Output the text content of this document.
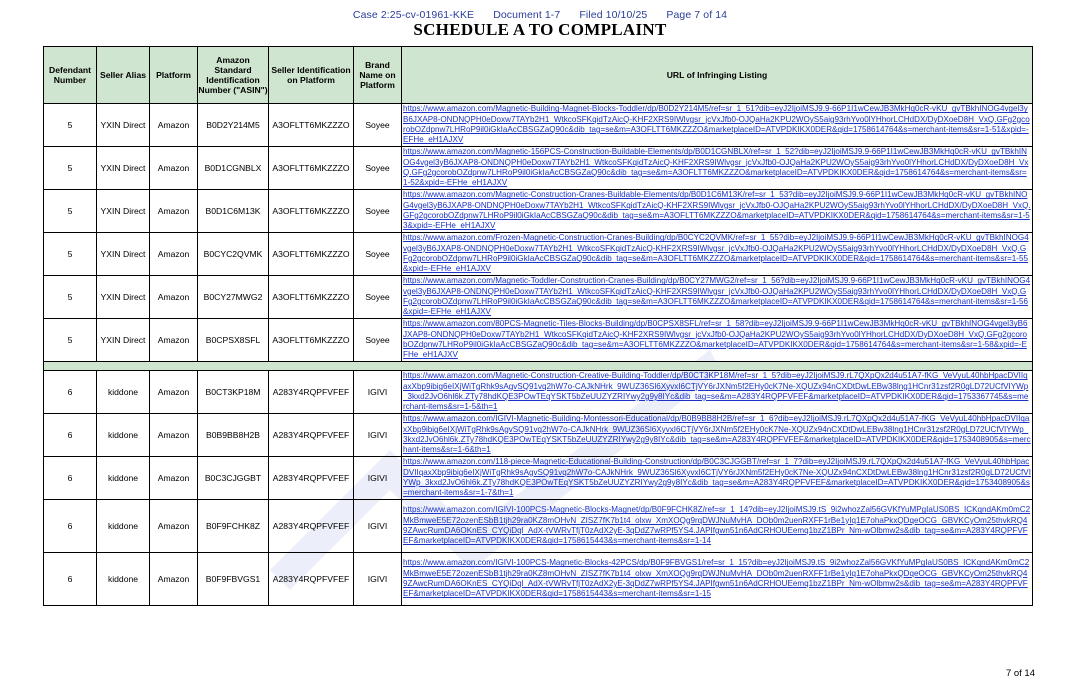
Case 2:25-cv-01961-KKE Document 1-7 Filed 10/10/25 Page 7 of 14
SCHEDULE A TO COMPLAINT
Defendant Number	Seller Alias	Platform	Amazon Standard Identification Number ("ASIN")	Seller Identification on Platform	Brand Name on Platform	URL of Infringing Listing
5	YXIN Direct	Amazon	B0D2Y214M5	A3OFLTT6MKZZZO	Soyee	https://www.amazon.com/Magnetic-Building-Magnet-Blocks-Toddler/dp/B0D2Y214M5/ref=sr_1_51?dib=eyJ2IjoiMSJ9.9-66P1I1wCewJB3MkHq0cR-vKU_gvTBkhINOG4vgel3yB6JXAP8-ONDNQPH0eDoxw7TAYb2H1_WtkcoSFKqidTzAicQ-KHF2XRS9IWlvgsr_jcVxJfb0-OJQaHa2KPU2WOyS5aig93rhYvo0lYHhorLCHdDX/DyDXoeD8H_VxQ.GFg2gcorobOZdpnw7LHRoP9il0iGkIaAcCBSGZaQ90c&dib_tag=se&m=A3OFLTT6MKZZZO&marketplaceID=ATVPDKIKX0DER&qid=1758614764&s=merchant-items&sr=1-51&xpid=-EFHe_eH1AJXV
5	YXIN Direct	Amazon	B0D1CGNBLX	A3OFLTT6MKZZZO	Soyee	https://www.amazon.com/Magnetic-156PCS-Construction-Buildable-Elements/dp/B0D1CGNBLX/ref=sr_1_52?dib=eyJ2IjoiMSJ9.9-66P1I1wCewJB3MkHq0cR-vKU_gvTBkhINOG4vgel3yB6JXAP8-ONDNQPH0eDoxw7TAYb2H1_WtkcoSFKqidTzAicQ-KHF2XRS9IWlvgsr_jcVxJfb0-OJQaHa2KPU2WOyS5aig93rhYvo0lYHhorLCHdDX/DyDXoeD8H_VxQ.GFg2gcorobOZdpnw7LHRoP9il0iGkIaAcCBSGZaQ90c&dib_tag=se&m=A3OFLTT6MKZZZO&marketplaceID=ATVPDKIKX0DER&qid=1758614764&s=merchant-items&sr=1-52&xpid=-EFHe_eH1AJXV
5	YXIN Direct	Amazon	B0D1C6M13K	A3OFLTT6MKZZZO	Soyee	https://www.amazon.com/Magnetic-Construction-Cranes-Buildable-Elements/dp/B0D1C6M13K/ref=sr_1_53?dib=eyJ2IjoiMSJ9.9-66P1I1wCewJB3MkHq0cR-vKU_gvTBkhINOG4vgel3yB6JXAP8-ONDNQPH0eDoxw7TAYb2H1_WtkcoSFKqidTzAicQ-KHF2XRS9IWlvgsr_jcVxJfb0-OJQaHa2KPU2WOyS5aig93rhYvo0lYHhorLCHdDX/DyDXoeD8H_VxQ.GFg2gcorobOZdpnw7LHRoP9il0iGkIaAcCBSGZaQ90c&dib_tag=se&m=A3OFLTT6MKZZZO&marketplaceID=ATVPDKIKX0DER&qid=1758614764&s=merchant-items&sr=1-53&xpid=-EFHe_eH1AJXV
5	YXIN Direct	Amazon	B0CYC2QVMK	A3OFLTT6MKZZZO	Soyee	https://www.amazon.com/Frozen-Magnetic-Construction-Cranes-Building/dp/B0CYC2QVMK/ref=sr_1_55?dib=eyJ2IjoiMSJ9.9-66P1I1wCewJB3MkHq0cR-vKU_gvTBkhINOG4vgel3yB6JXAP8-ONDNQPH0eDoxw7TAYb2H1_WtkcoSFKqidTzAicQ-KHF2XRS9IWlvgsr_jcVxJfb0-OJQaHa2KPU2WOyS5aig93rhYvo0lYHhorLCHdDX/DyDXoeD8H_VxQ.GFg2gcorobOZdpnw7LHRoP9il0iGkIaAcCBSGZaQ90c&dib_tag=se&m=A3OFLTT6MKZZZO&marketplaceID=ATVPDKIKX0DER&qid=1758614764&s=merchant-items&sr=1-55&xpid=-EFHe_eH1AJXV
5	YXIN Direct	Amazon	B0CY27MWG2	A3OFLTT6MKZZZO	Soyee	https://www.amazon.com/Magnetic-Toddler-Construction-Cranes-Building/dp/B0CY27MWG2/ref=sr_1_56?dib=eyJ2IjoiMSJ9.9-66P1I1wCewJB3MkHq0cR-vKU_gvTBkhINOG4vgel3yB6JXAP8-ONDNQPH0eDoxw7TAYb2H1_WtkcoSFKqidTzAicQ-KHF2XRS9IWlvgsr_jcVxJfb0-OJQaHa2KPU2WOyS5aig93rhYvo0lYHhorLCHdDX/DyDXoeD8H_VxQ.GFg2gcorobOZdpnw7LHRoP9il0iGkIaAcCBSGZaQ90c&dib_tag=se&m=A3OFLTT6MKZZZO&marketplaceID=ATVPDKIKX0DER&qid=1758614764&s=merchant-items&sr=1-56&xpid=-EFHe_eH1AJXV
5	YXIN Direct	Amazon	B0CPSX8SFL	A3OFLTT6MKZZZO	Soyee	https://www.amazon.com/80PCS-Magnetic-Tiles-Blocks-Building/dp/B0CPSX8SFL/ref=sr_1_58?dib=eyJ2IjoiMSJ9.9-66P1I1wCewJB3MkHq0cR-vKU_gvTBkhINOG4vgel3yB6JXAP8-ONDNQPH0eDoxw7TAYb2H1_WtkcoSFKqidTzAicQ-KHF2XRS9IWlvgsr_jcVxJfb0-OJQaHa2KPU2WOyS5aig93rhYvo0lYHhorLCHdDX/DyDXoeD8H_VxQ.GFg2gcorobOZdpnw7LHRoP9il0iGkIaAcCBSGZaQ90c&dib_tag=se&m=A3OFLTT6MKZZZO&marketplaceID=ATVPDKIKX0DER&qid=1758614764&s=merchant-items&sr=1-58&xpid=-EFHe_eH1AJXV

6	kiddone	Amazon	B0CT3KP18M	A283Y4RQPFVFEF	IGIVI	https://www.amazon.com/Magnetic-Construction-Creative-Building-Toddler/dp/B0CT3KP18M/ref=sr_1_5?dib=eyJ2IjoiMSJ9.rL7QXpQx2d4u51A7-fKG_VeVyuL40hbHpacDVIIqaxXbp9ibig6eIXjWiTgRhk9sAgvSQ91vq2hW7o-CAJkNHrk_9WUZ36Sl6XyvxI6CTjVY6rJXNm5f2EHy0cK7Ne-XQUZx94nCXDtDwLEBw38lng1HCnr31zsf2R0gLD72UCfVIYWp_3kxd2JvO6hl6k.ZTy78hdKQE3POwTEqYSKT5bZeUUZYZRIYwy2g9y8IYc&dib_tag=se&m=A283Y4RQPFVFEF&marketplaceID=ATVPDKIKX0DER&qid=1753367745&s=merchant-items&sr=1-5&th=1
6	kiddone	Amazon	B0B9BB8H2B	A283Y4RQPFVFEF	IGIVI	https://www.amazon.com/IGIVI-Magnetic-Building-Montessori-Educational/dp/B0B9BB8H2B/ref=sr_1_6?dib=eyJ2IjoiMSJ9.rL7QXpQx2d4u51A7-fKG_VeVyuL40hbHpacDVIIqaxXbp9ibig6eIXjWiTgRhk9sAgvSQ91vq2hW7o-CAJkNHrk_9WUZ36Sl6XyvxI6CTjVY6rJXNm5f2EHy0cK7Ne-XQUZx94nCXDtDwLEBw38lng1HCnr31zsf2R0gLD72UCfVIYWp_3kxd2JvO6hl6k.ZTy78hdKQE3POwTEqYSKT5bZeUUZYZRIYwy2g9y8IYc&dib_tag=se&m=A283Y4RQPFVFEF&marketplaceID=ATVPDKIKX0DER&qid=1753408905&s=merchant-items&sr=1-6&th=1
6	kiddone	Amazon	B0C3CJGGBT	A283Y4RQPFVFEF	IGIVI	https://www.amazon.com/118-piece-Magnetic-Educational-Building-Construction/dp/B0C3CJGGBT/ref=sr_1_7?dib=eyJ2IjoiMSJ9.rL7QXpQx2d4u51A7-fKG_VeVyuL40hbHpacDVIIqaxXbp9ibig6eIXjWiTgRhk9sAgvSQ91vq2hW7o-CAJkNHrk_9WUZ36Sl6XyvxI6CTjVY6rJXNm5f2EHy0cK7Ne-XQUZx94nCXDtDwLEBw38lng1HCnr31zsf2R0gLD72UCfVIYWp_3kxd2JvO6hl6k.ZTy78hdKQE3POwTEqYSKT5bZeUUZYZRIYwy2g9y8IYc&dib_tag=se&m=A283Y4RQPFVFEF&marketplaceID=ATVPDKIKX0DER&qid=1753408905&s=merchant-items&sr=1-7&th=1
6	kiddone	Amazon	B0F9FCHK8Z	A283Y4RQPFVFEF	IGIVI	https://www.amazon.com/IGIVI-100PCS-Magnetic-Blocks-Magnet/dp/B0F9FCHK8Z/ref=sr_1_14?dib=eyJ2IjoiMSJ9.tS_9i2whozZal56GVKfYuMPgIaUS0BS_ICKqndAKm0mC2MkBmweE5E72ozenESbB1tjh29ra0KZ8mOHvN_ZISZ7fK7b1t4_olxw_XmXOQg9rqDWJNuMvHA_DOb0m2uenRXFF1rBe1yIq1E7ohaPkxQDqeOCG_GBVKCyOm25thvkRQ49ZAwcRumDA6OKnES_CYQiDql_AdX-tVWRvTfjT0zAdX2yE-3qDdZ7wRPf5YS4.JAPIfgwn51n6AdCRHOUEemq1bzZ1BPr_Nm-wOlbmw2s&dib_tag=se&m=A283Y4RQPFVFEF&marketplaceID=ATVPDKIKX0DER&qid=1758615443&s=merchant-items&sr=1-14
6	kiddone	Amazon	B0F9FBVGS1	A283Y4RQPFVFEF	IGIVI	https://www.amazon.com/IGIVI-100PCS-Magnetic-Blocks-42PCS/dp/B0F9FBVGS1/ref=sr_1_15?dib=eyJ2IjoiMSJ9.tS_9i2whozZal56GVKfYuMPgIaUS0BS_ICKqndAKm0mC2MkBmweE5E72ozenESbB1tjh29ra0KZ8mOHvN_ZISZ7fK7b1t4_olxw_XmXOQg9rqDWJNuMvHA_DOb0m2uenRXFF1rBe1yIq1E7ohaPkxQDqeOCG_GBVKCyOm25thvkRQ49ZAwcRumDA6OKnES_CYQiDql_AdX-tVWRvTfjT0zAdX2yE-3qDdZ7wRPf5YS4.JAPIfgwn51n6AdCRHOUEemq1bzZ1BPr_Nm-wOlbmw2s&dib_tag=se&m=A283Y4RQPFVFEF&marketplaceID=ATVPDKIKX0DER&qid=1758615443&s=merchant-items&sr=1-15
7 of 14
